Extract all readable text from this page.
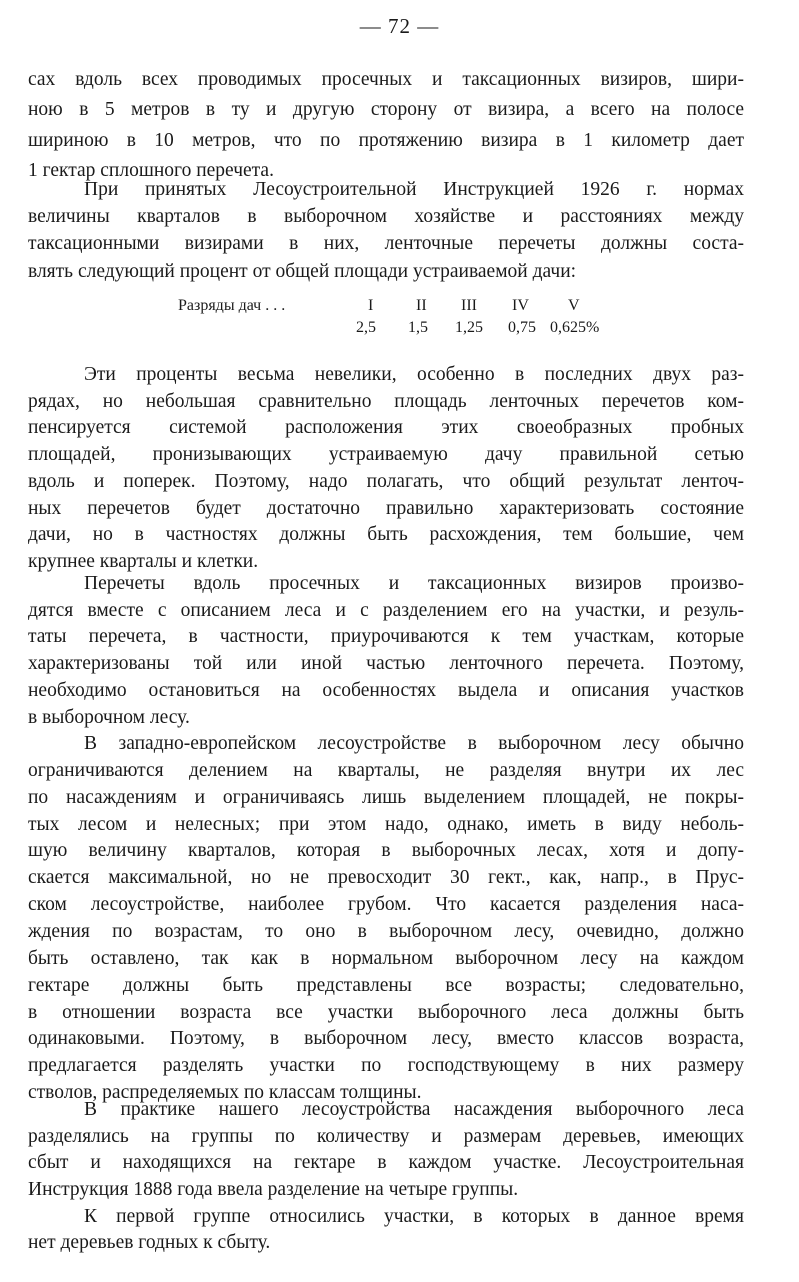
— 72 —
сах вдоль всех проводимых просечных и таксационных визиров, шири-
ною в 5 метров в ту и другую сторону от визира, а всего на полосе
шириною в 10 метров, что по протяжению визира в 1 километр дает
1 гектар сплошного перечета.
При принятых Лесоустроительной Инструкцией 1926 г. нормах
величины кварталов в выборочном хозяйстве и расстояниях между
таксационными визирами в них, ленточные перечеты должны соста-
влять следующий процент от общей площади устраиваемой дачи:
Эти проценты весьма невелики, особенно в последних двух раз-
рядах, но небольшая сравнительно площадь ленточных перечетов ком-
пенсируется системой расположения этих своеобразных пробных
площадей, пронизывающих устраиваемую дачу правильной сетью
вдоль и поперек. Поэтому, надо полагать, что общий результат ленточ-
ных перечетов будет достаточно правильно характеризовать состояние
дачи, но в частностях должны быть расхождения, тем большие, чем
крупнее кварталы и клетки.
Перечеты вдоль просечных и таксационных визиров произво-
дятся вместе с описанием леса и с разделением его на участки, и резуль-
таты перечета, в частности, приурочиваются к тем участкам, которые
характеризованы той или иной частью ленточного перечета. Поэтому,
необходимо остановиться на особенностях выдела и описания участков
в выборочном лесу.
В западно-европейском лесоустройстве в выборочном лесу обычно
ограничиваются делением на кварталы, не разделяя внутри их лес
по насаждениям и ограничиваясь лишь выделением площадей, не покры-
тых лесом и нелесных; при этом надо, однако, иметь в виду неболь-
шую величину кварталов, которая в выборочных лесах, хотя и допу-
скается максимальной, но не превосходит 30 гект., как, напр., в Прус-
ском лесоустройстве, наиболее грубом. Что касается разделения наса-
ждения по возрастам, то оно в выборочном лесу, очевидно, должно
быть оставлено, так как в нормальном выборочном лесу на каждом
гектаре должны быть представлены все возрасты; следовательно,
в отношении возраста все участки выборочного леса должны быть
одинаковыми. Поэтому, в выборочном лесу, вместо классов возраста,
предлагается разделять участки по господствующему в них размеру
стволов, распределяемых по классам толщины.
В практике нашего лесоустройства насаждения выборочного леса
разделялись на группы по количеству и размерам деревьев, имеющих
сбыт и находящихся на гектаре в каждом участке. Лесоустроительная
Инструкция 1888 года ввела разделение на четыре группы.
К первой группе относились участки, в которых в данное время
нет деревьев годных к сбыту.
Разряды дач . . .	I	II III IV V
2,5 1,5 1,25 0,75 0,625%
